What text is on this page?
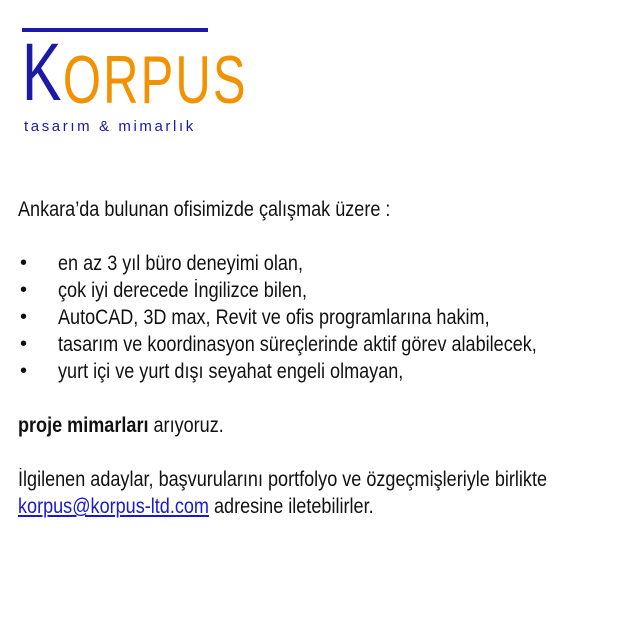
K ORPUS
tasarım & mimarlık

Ankara’da bulunan ofisimizde çalışmak üzere :

• en az 3 yıl büro deneyimi olan,
• çok iyi derecede İngilizce bilen,
• AutoCAD, 3D max, Revit ve ofis programlarına hakim,
• tasarım ve koordinasyon süreçlerinde aktif görev alabilecek,
• yurt içi ve yurt dışı seyahat engeli olmayan,

proje mimarları arıyoruz.

İlgilenen adaylar, başvurularını portfolyo ve özgeçmişleriyle birlikte korpus@korpus-ltd.com adresine iletebilirler.
